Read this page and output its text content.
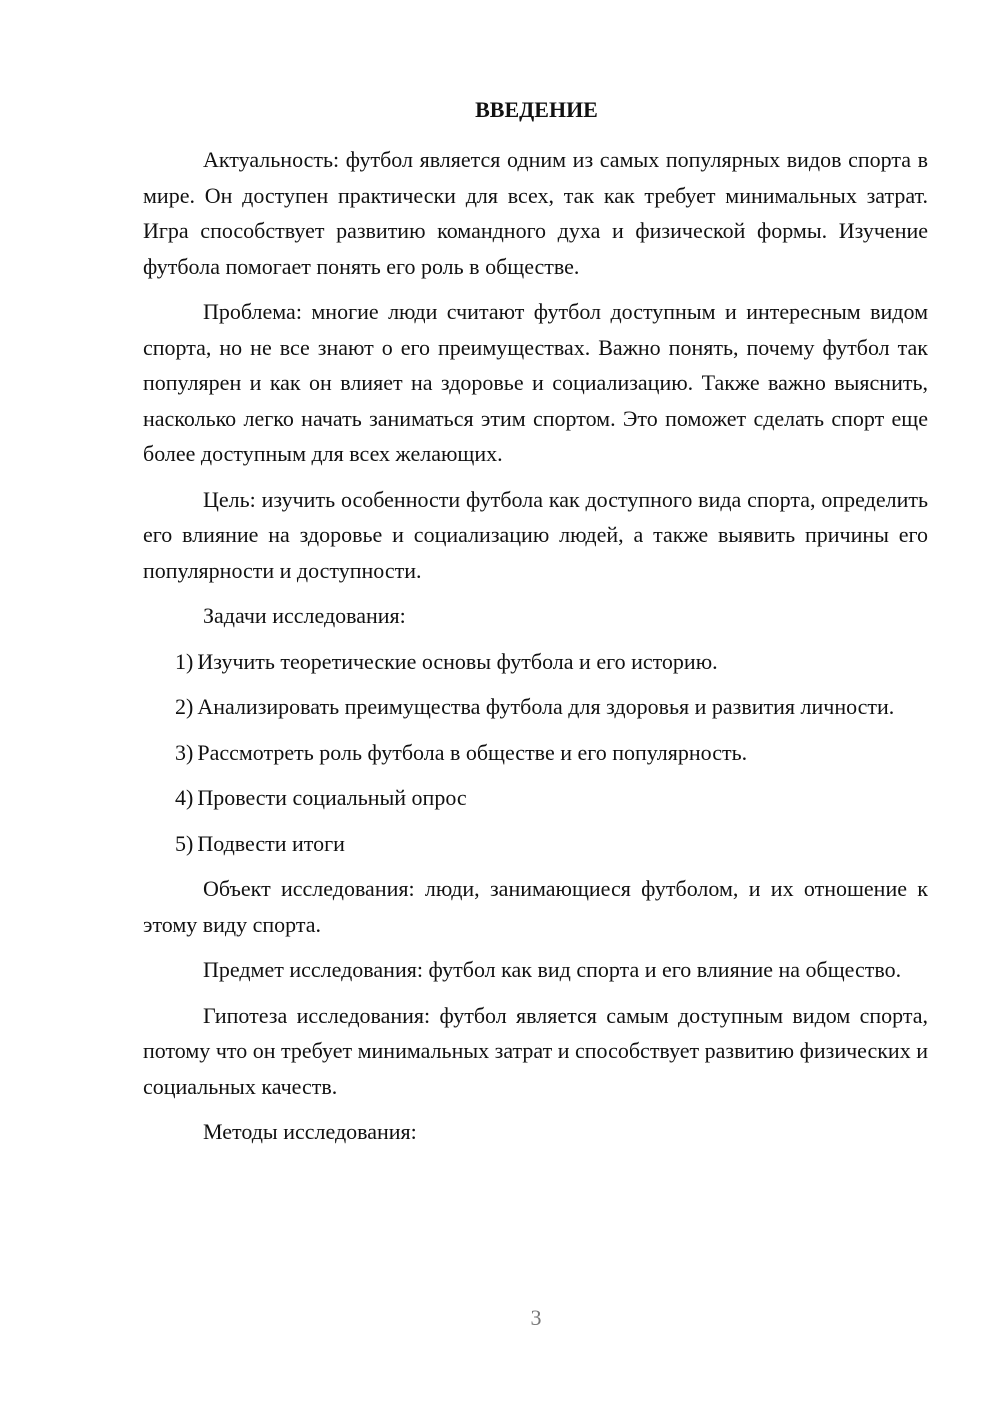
ВВЕДЕНИЕ

Актуальность: футбол является одним из самых популярных видов спорта в мире. Он доступен практически для всех, так как требует минимальных затрат. Игра способствует развитию командного духа и физической формы. Изучение футбола помогает понять его роль в обществе.

Проблема: многие люди считают футбол доступным и интересным видом спорта, но не все знают о его преимуществах. Важно понять, почему футбол так популярен и как он влияет на здоровье и социализацию. Также важно выяснить, насколько легко начать заниматься этим спортом. Это поможет сделать спорт еще более доступным для всех желающих.

Цель: изучить особенности футбола как доступного вида спорта, определить его влияние на здоровье и социализацию людей, а также выявить причины его популярности и доступности.

Задачи исследования:

1) Изучить теоретические основы футбола и его историю.
2) Анализировать преимущества футбола для здоровья и развития личности.
3) Рассмотреть роль футбола в обществе и его популярность.
4) Провести социальный опрос
5) Подвести итоги

Объект исследования: люди, занимающиеся футболом, и их отношение к этому виду спорта.

Предмет исследования: футбол как вид спорта и его влияние на общество.

Гипотеза исследования: футбол является самым доступным видом спорта, потому что он требует минимальных затрат и способствует развитию физических и социальных качеств.

Методы исследования:

3
